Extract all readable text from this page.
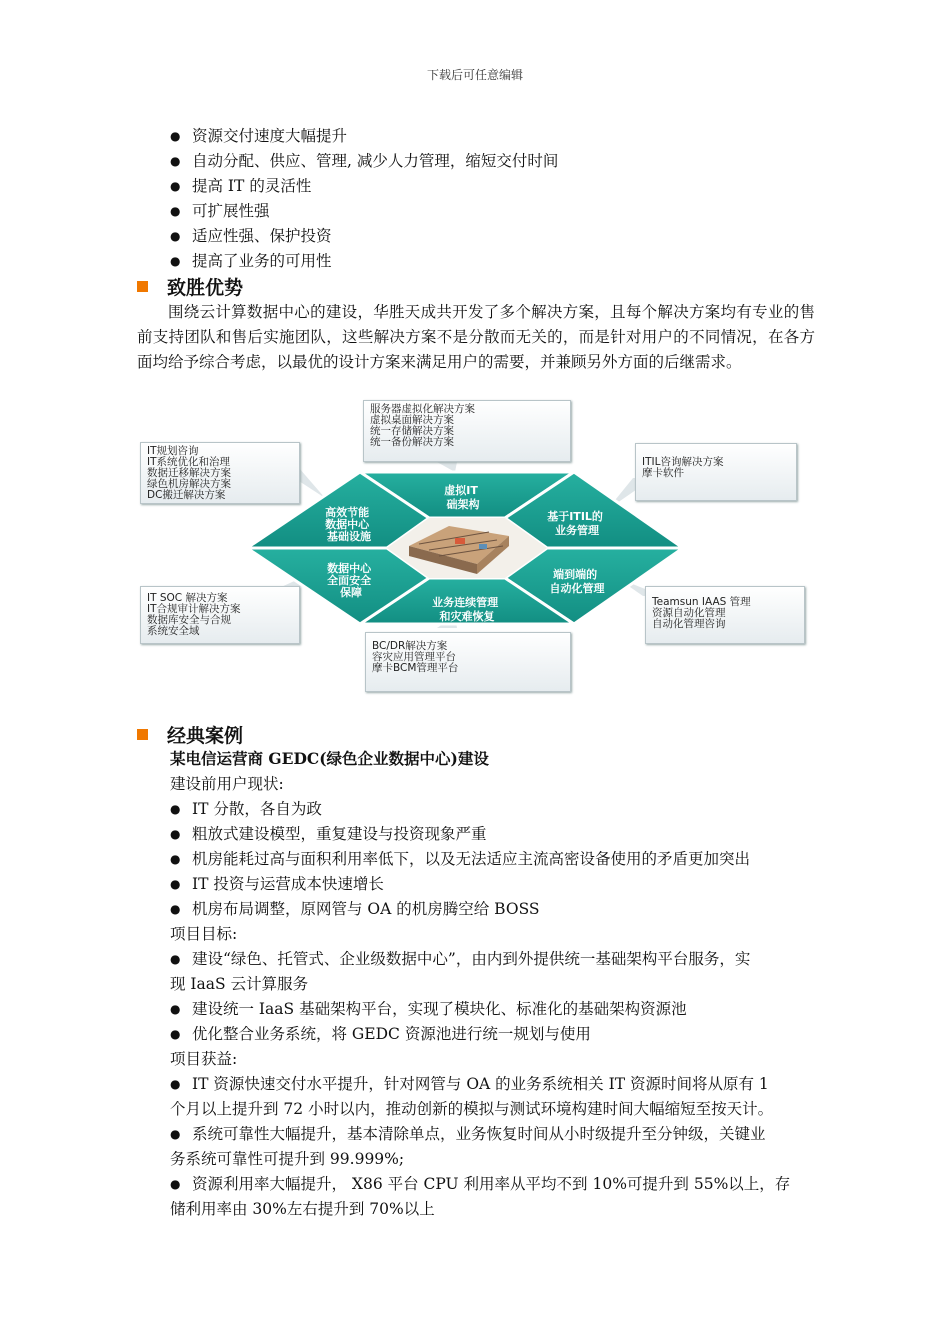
下载后可任意编辑
● 资源交付速度大幅提升
● 自动分配、供应、管理, 减少人力管理，缩短交付时间
● 提高 IT 的灵活性
● 可扩展性强
● 适应性强、保护投资
● 提高了业务的可用性
致胜优势
围绕云计算数据中心的建设，华胜天成共开发了多个解决方案，且每个解决方案均有专业的售前支持团队和售后实施团队，这些解决方案不是分散而无关的，而是针对用户的不同情况，在各方面均给予综合考虑，以最优的设计方案来满足用户的需要，并兼顾另外方面的后继需求。
虚拟IT 础架构
基于ITIL的 业务管理
端到端的 自动化管理
业务连续管理 和灾难恢复
数据中心 全面安全 保障
高效节能 数据中心 基础设施
服务器虚拟化解决方案
虚拟桌面解决方案
统一存储解决方案
统一备份解决方案
IT规划咨询
IT系统优化和治理
数据迁移解决方案
绿色机房解决方案
DC搬迁解决方案
ITIL咨询解决方案
摩卡软件
IT SOC 解决方案
IT合规审计解决方案
数据库安全与合规
系统安全域
Teamsun IAAS 管理
资源自动化管理
自动化管理咨询
BC/DR解决方案
容灾应用管理平台
摩卡BCM管理平台
经典案例
某电信运营商 GEDC(绿色企业数据中心)建设
建设前用户现状:
● IT 分散，各自为政
● 粗放式建设模型，重复建设与投资现象严重
● 机房能耗过高与面积利用率低下，以及无法适应主流高密设备使用的矛盾更加突出
● IT 投资与运营成本快速增长
● 机房布局调整，原网管与 OA 的机房腾空给 BOSS
项目目标:
● 建设“绿色、托管式、企业级数据中心”，由内到外提供统一基础架构平台服务，实
现 IaaS 云计算服务
● 建设统一 IaaS 基础架构平台，实现了模块化、标准化的基础架构资源池
● 优化整合业务系统，将 GEDC 资源池进行统一规划与使用
项目获益:
● IT 资源快速交付水平提升，针对网管与 OA 的业务系统相关 IT 资源时间将从原有 1
个月以上提升到 72 小时以内，推动创新的模拟与测试环境构建时间大幅缩短至按天计。
● 系统可靠性大幅提升，基本清除单点，业务恢复时间从小时级提升至分钟级，关键业
务系统可靠性可提升到 99.999%;
● 资源利用率大幅提升， X86 平台 CPU 利用率从平均不到 10%可提升到 55%以上，存
储利用率由 30%左右提升到 70%以上
